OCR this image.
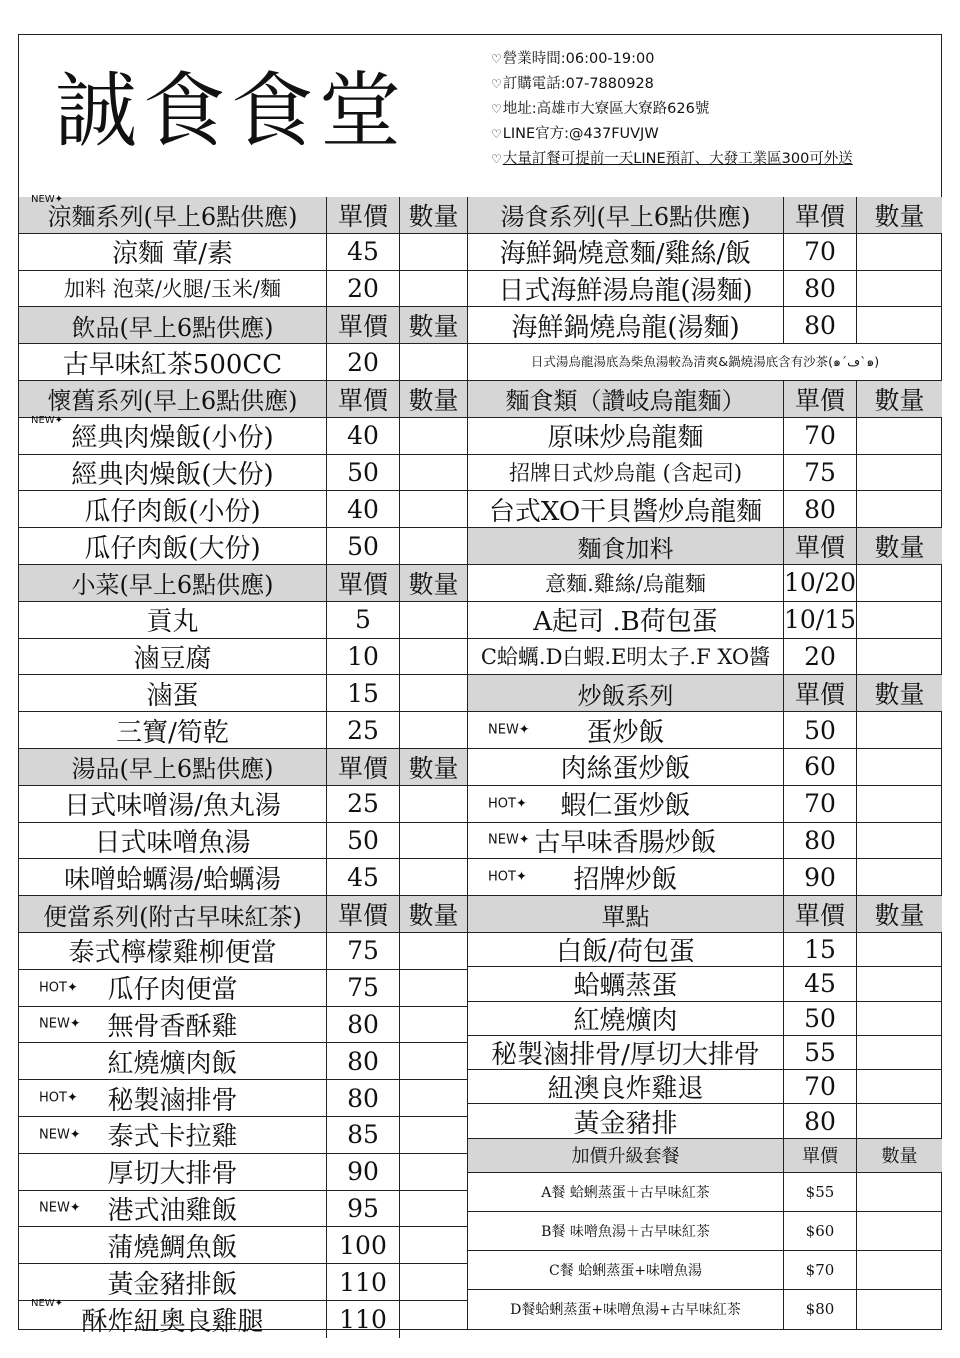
誠食食堂
♡營業時間:06:00-19:00
♡訂購電話:07-7880928
♡地址:高雄市大寮區大寮路626號
♡LINE官方:@437FUVJW
♡大量訂餐可提前一天LINE預訂、大發工業區300可外送
涼麵系列(早上6點供應)	單價 數量
NEW✦
涼麵 葷/素	45
加料 泡菜/火腿/玉米/麵	20
飲品(早上6點供應)	單價 數量
古早味紅茶500CC	20
懷舊系列(早上6點供應)	單價 數量
經典肉燥飯(小份)	40
NEW✦
經典肉燥飯(大份)	50
瓜仔肉飯(小份)	40
瓜仔肉飯(大份)	50
小菜(早上6點供應)	單價 數量
貢丸	5
滷豆腐	10
滷蛋	15
三寶/筍乾	25
湯品(早上6點供應)	單價 數量
日式味噌湯/魚丸湯	25
日式味噌魚湯	50
味噌蛤蠣湯/蛤蠣湯	45
便當系列(附古早味紅茶)	單價 數量
泰式檸檬雞柳便當	75
瓜仔肉便當	75
HOT✦
無骨香酥雞	80
NEW✦
紅燒爌肉飯	80
秘製滷排骨	80
HOT✦
泰式卡拉雞	85
NEW✦
厚切大排骨	90
港式油雞飯	95
NEW✦
蒲燒鯛魚飯	100
黃金豬排飯	110
酥炸紐奧良雞腿	110
NEW✦
湯食系列(早上6點供應)	單價	數量
海鮮鍋燒意麵/雞絲/飯	70
日式海鮮湯烏龍(湯麵)	80
海鮮鍋燒烏龍(湯麵)	80
日式湯烏龍湯底為柴魚湯較為清爽&鍋燒湯底含有沙茶(๑´ڡ`๑)
麵食類（讚岐烏龍麵）	單價	數量
原味炒烏龍麵	70
招牌日式炒烏龍 (含起司)	75
台式XO干貝醬炒烏龍麵	80
麵食加料	單價	數量
意麵.雞絲/烏龍麵	10/20
A起司 .B荷包蛋	10/15
C蛤蠣.D白蝦.E明太子.F XO醬	20
炒飯系列	單價	數量
蛋炒飯	50
NEW✦
肉絲蛋炒飯	60
蝦仁蛋炒飯	70
HOT✦
古早味香腸炒飯	80
NEW✦
招牌炒飯	90
HOT✦
單點	單價	數量
白飯/荷包蛋	15
蛤蠣蒸蛋	45
紅燒爌肉	50
秘製滷排骨/厚切大排骨	55
紐澳良炸雞退	70
黃金豬排	80
加價升級套餐	單價	數量
A餐 蛤蜊蒸蛋＋古早味紅茶	$55
B餐 味噌魚湯＋古早味紅茶	$60
C餐 蛤蜊蒸蛋+味噌魚湯	$70
D餐蛤蜊蒸蛋+味噌魚湯+古早味紅茶	$80
